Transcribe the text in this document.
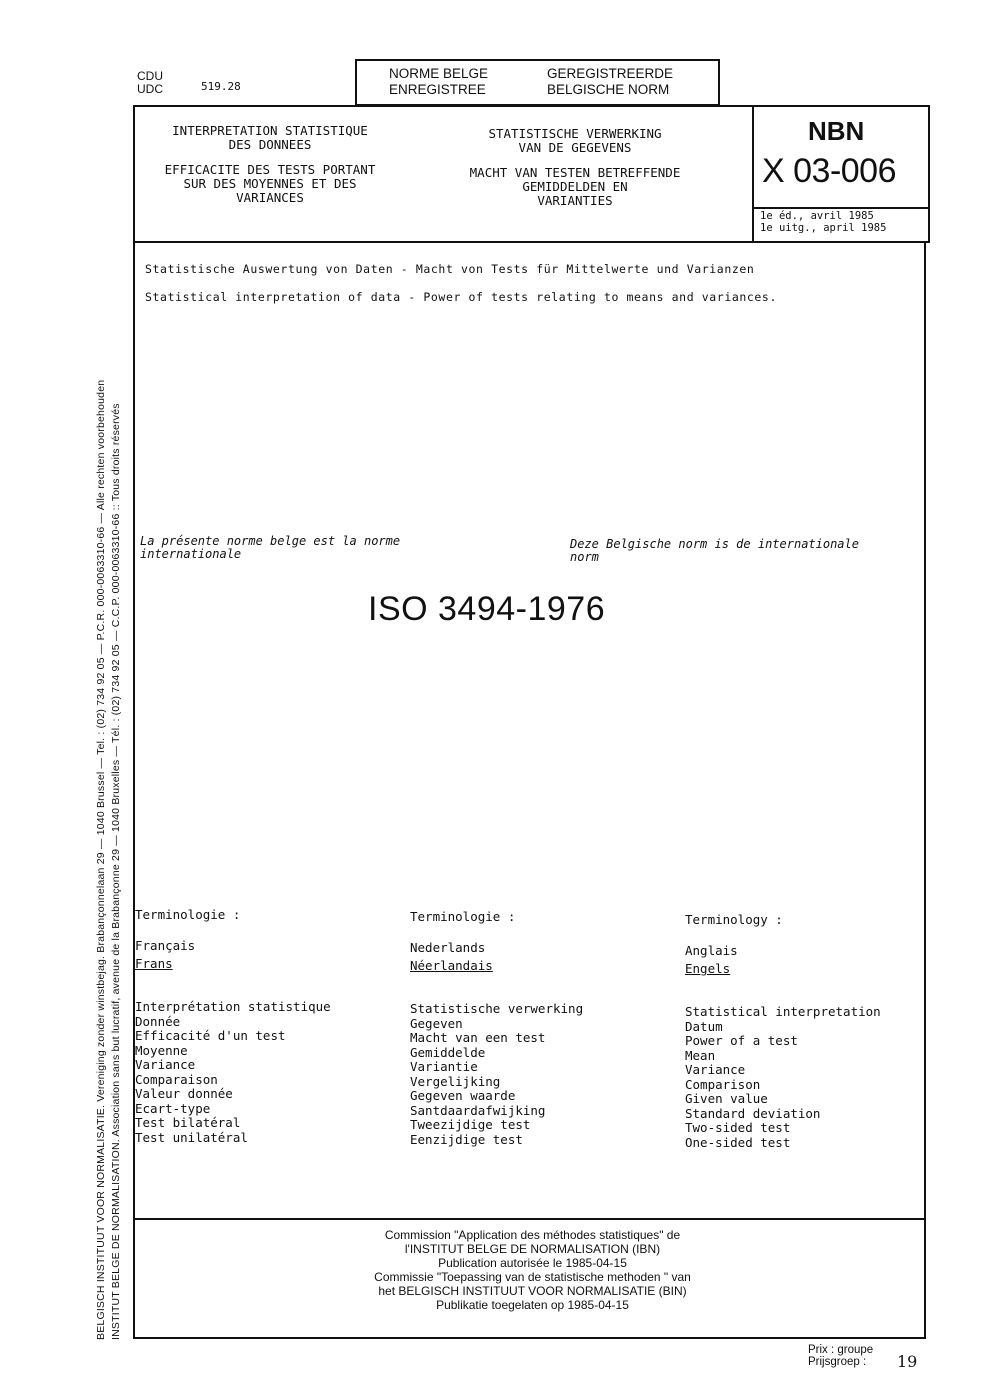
BELGISCH INSTITUUT VOOR NORMALISATIE. Vereniging zonder winstbejag. Brabançonnelaan 29 — 1040 Brussel — Tel. : (02) 734 92 05 — P.C.R. 000-0063310-66 — Alle rechten voorbehouden INSTITUT BELGE DE NORMALISATION. Association sans but lucratif, avenue de la Brabançonne 29 — 1040 Bruxelles — Tél. : (02) 734 92 05 — C.C.P. 000-0063310-66 :: Tous droits réservés
CDU
UDC	519.28
NORME BELGE
ENREGISTREE
GEREGISTREERDE
BELGISCHE NORM
INTERPRETATION STATISTIQUE
DES DONNEES
EFFICACITE DES TESTS PORTANT
SUR DES MOYENNES ET DES
VARIANCES
STATISTISCHE VERWERKING
VAN DE GEGEVENS
MACHT VAN TESTEN BETREFFENDE
GEMIDDELDEN EN
VARIANTIES
NBN
X 03-006
1e éd., avril 1985
1e uitg., april 1985
Statistische Auswertung von Daten - Macht von Tests für Mittelwerte und Varianzen
Statistical interpretation of data - Power of tests relating to means and variances.
La présente norme belge est la norme
internationale
Deze Belgische norm is de internationale
norm
ISO 3494-1976
Terminologie :
Français
Frans
Interprétation statistique
Donnée
Efficacité d'un test
Moyenne
Variance
Comparaison
Valeur donnée
Ecart-type
Test bilatéral
Test unilatéral
Terminologie :
Nederlands
Néerlandais
Statistische verwerking
Gegeven
Macht van een test
Gemiddelde
Variantie
Vergelijking
Gegeven waarde
Santdaardafwijking
Tweezijdige test
Eenzijdige test
Terminology :
Anglais
Engels
Statistical interpretation
Datum
Power of a test
Mean
Variance
Comparison
Given value
Standard deviation
Two-sided test
One-sided test
Commission "Application des méthodes statistiques" de
l'INSTITUT BELGE DE NORMALISATION (IBN)
Publication autorisée le 1985-04-15
Commissie "Toepassing van de statistische methoden " van
het BELGISCH INSTITUUT VOOR NORMALISATIE (BIN)
Publikatie toegelaten op 1985-04-15
Prix : groupe
Prijsgroep :	19
